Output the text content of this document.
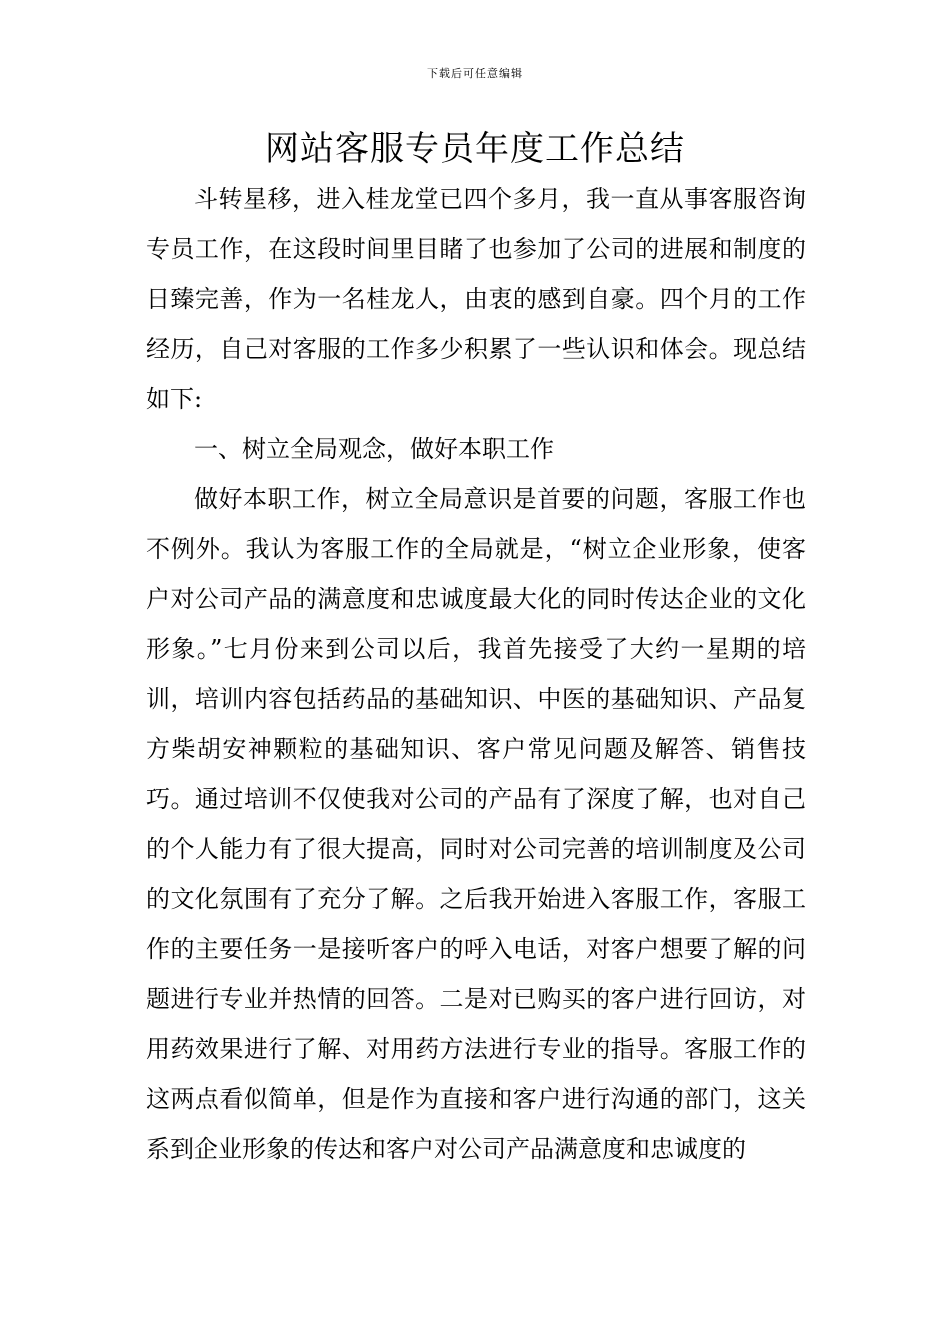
下载后可任意编辑
网站客服专员年度工作总结

斗转星移，进入桂龙堂已四个多月，我一直从事客服咨询专员工作，在这段时间里目睹了也参加了公司的进展和制度的日臻完善，作为一名桂龙人，由衷的感到自豪。四个月的工作经历，自己对客服的工作多少积累了一些认识和体会。现总结如下:

一、树立全局观念，做好本职工作

做好本职工作，树立全局意识是首要的问题，客服工作也不例外。我认为客服工作的全局就是，“树立企业形象，使客户对公司产品的满意度和忠诚度最大化的同时传达企业的文化形象。”七月份来到公司以后，我首先接受了大约一星期的培训，培训内容包括药品的基础知识、中医的基础知识、产品复方柴胡安神颗粒的基础知识、客户常见问题及解答、销售技巧。通过培训不仅使我对公司的产品有了深度了解，也对自己的个人能力有了很大提高，同时对公司完善的培训制度及公司的文化氛围有了充分了解。之后我开始进入客服工作，客服工作的主要任务一是接听客户的呼入电话，对客户想要了解的问题进行专业并热情的回答。二是对已购买的客户进行回访，对用药效果进行了解、对用药方法进行专业的指导。客服工作的这两点看似简单，但是作为直接和客户进行沟通的部门，这关系到企业形象的传达和客户对公司产品满意度和忠诚度的
